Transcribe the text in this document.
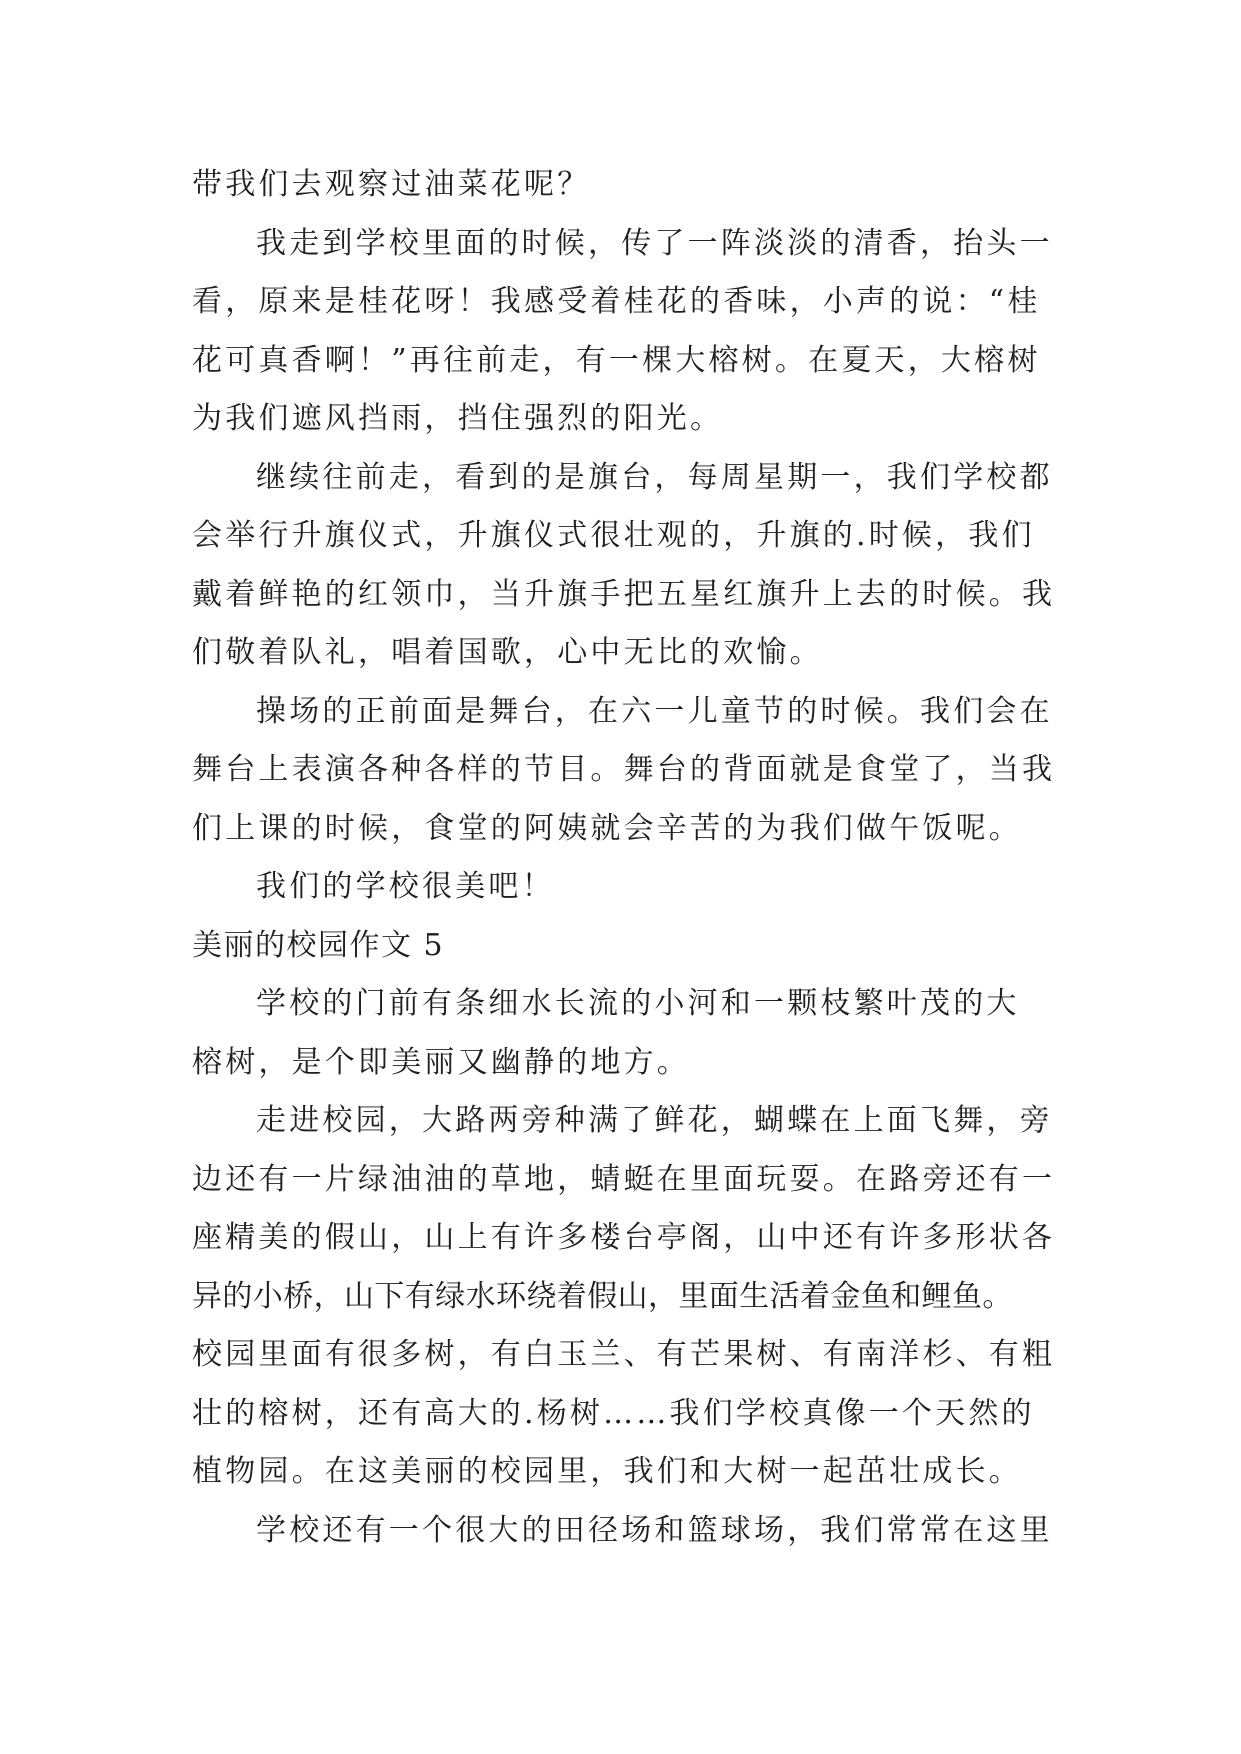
带我们去观察过油菜花呢？
我走到学校里面的时候，传了一阵淡淡的清香，抬头一
看，原来是桂花呀！我感受着桂花的香味，小声的说：“桂
花可真香啊！”再往前走，有一棵大榕树。在夏天，大榕树
为我们遮风挡雨，挡住强烈的阳光。
继续往前走，看到的是旗台，每周星期一，我们学校都
会举行升旗仪式，升旗仪式很壮观的，升旗的.时候，我们
戴着鲜艳的红领巾，当升旗手把五星红旗升上去的时候。我
们敬着队礼，唱着国歌，心中无比的欢愉。
操场的正前面是舞台，在六一儿童节的时候。我们会在
舞台上表演各种各样的节目。舞台的背面就是食堂了，当我
们上课的时候，食堂的阿姨就会辛苦的为我们做午饭呢。
我们的学校很美吧！
美丽的校园作文 5
学校的门前有条细水长流的小河和一颗枝繁叶茂的大
榕树，是个即美丽又幽静的地方。
走进校园，大路两旁种满了鲜花，蝴蝶在上面飞舞，旁
边还有一片绿油油的草地，蜻蜓在里面玩耍。在路旁还有一
座精美的假山，山上有许多楼台亭阁，山中还有许多形状各
异的小桥，山下有绿水环绕着假山，里面生活着金鱼和鲤鱼。
校园里面有很多树，有白玉兰、有芒果树、有南洋杉、有粗
壮的榕树，还有高大的.杨树……我们学校真像一个天然的
植物园。在这美丽的校园里，我们和大树一起茁壮成长。
学校还有一个很大的田径场和篮球场，我们常常在这里
